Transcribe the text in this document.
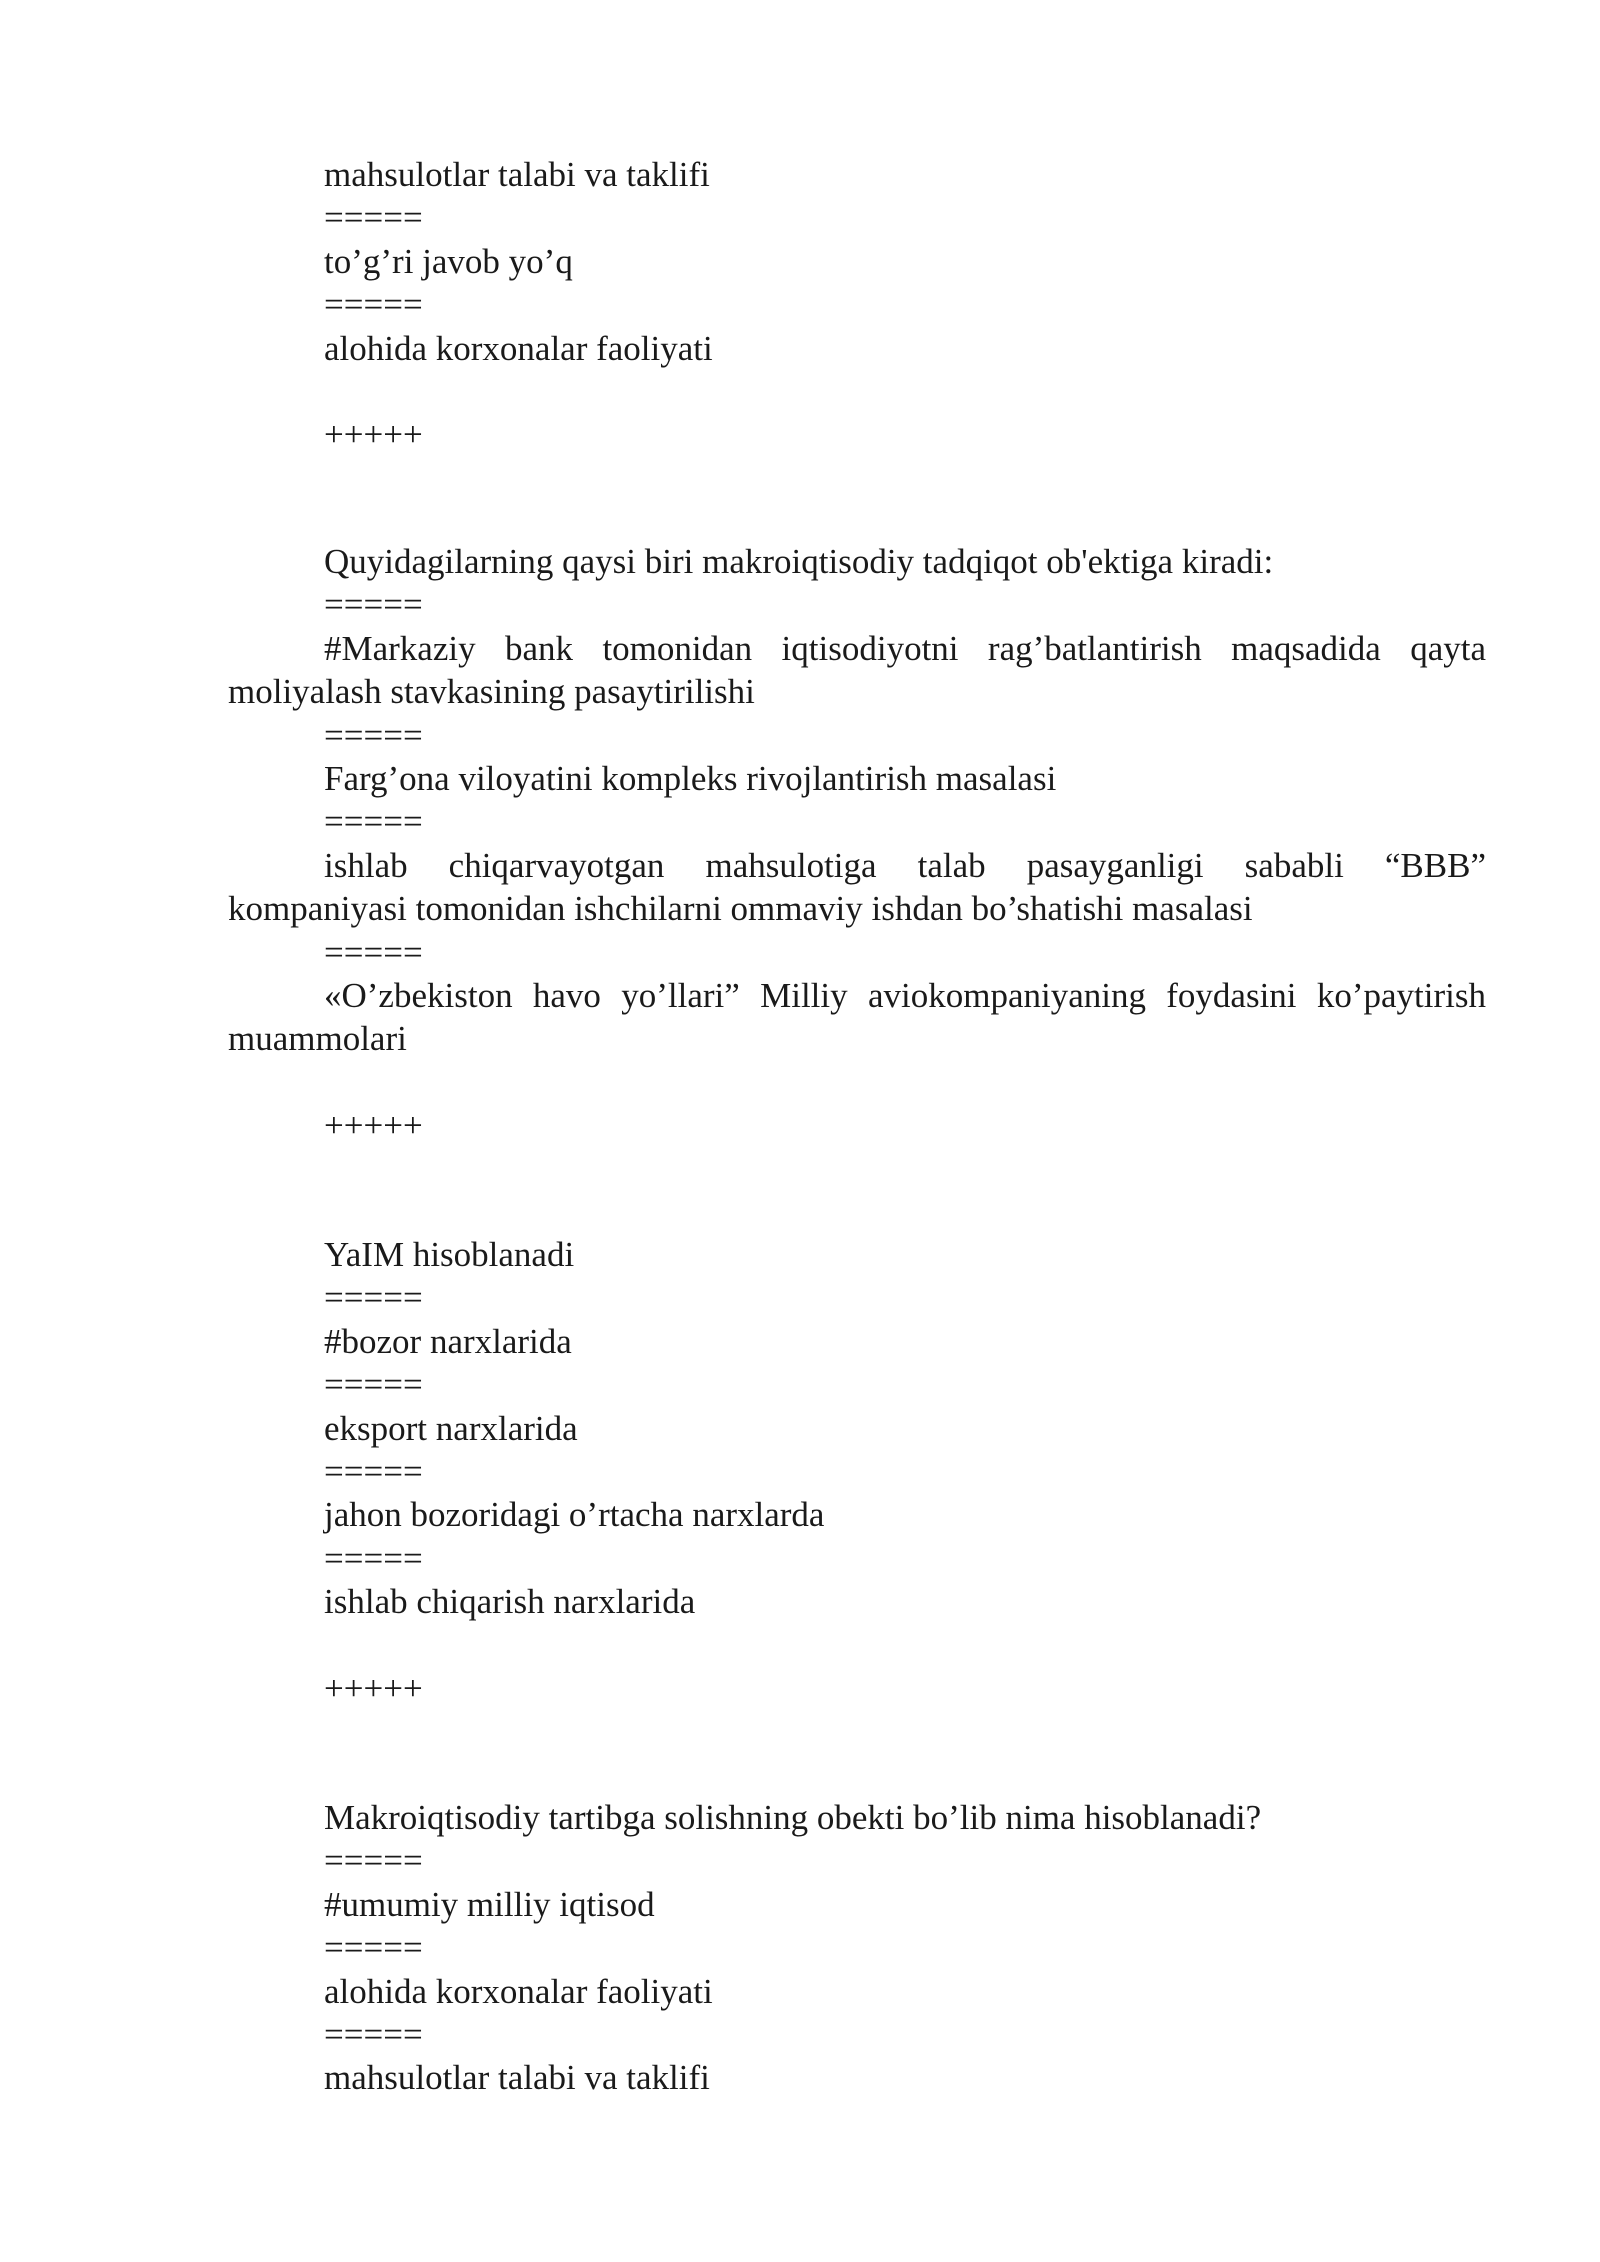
mahsulotlar talabi va taklifi
=====
to’g’ri javob yo’q
=====
alohida korxonalar faoliyati
+++++
Quyidagilarning qaysi biri makroiqtisodiy tadqiqot ob'ektiga kiradi:
=====
#Markaziy bank tomonidan iqtisodiyotni rag’batlantirish maqsadida qayta
moliyalash stavkasining pasaytirilishi
=====
Farg’ona viloyatini kompleks rivojlantirish masalasi
=====
ishlab chiqarvayotgan mahsulotiga talab pasayganligi sababli “BBB”
kompaniyasi tomonidan ishchilarni ommaviy ishdan bo’shatishi masalasi
=====
«O’zbekiston havo yo’llari” Milliy aviokompaniyaning foydasini ko’paytirish
muammolari
+++++
YaIM hisoblanadi
=====
#bozor narxlarida
=====
eksport narxlarida
=====
jahon bozoridagi o’rtacha narxlarda
=====
ishlab chiqarish narxlarida
+++++
Makroiqtisodiy tartibga solishning obekti bo’lib nima hisoblanadi?
=====
#umumiy milliy iqtisod
=====
alohida korxonalar faoliyati
=====
mahsulotlar talabi va taklifi
